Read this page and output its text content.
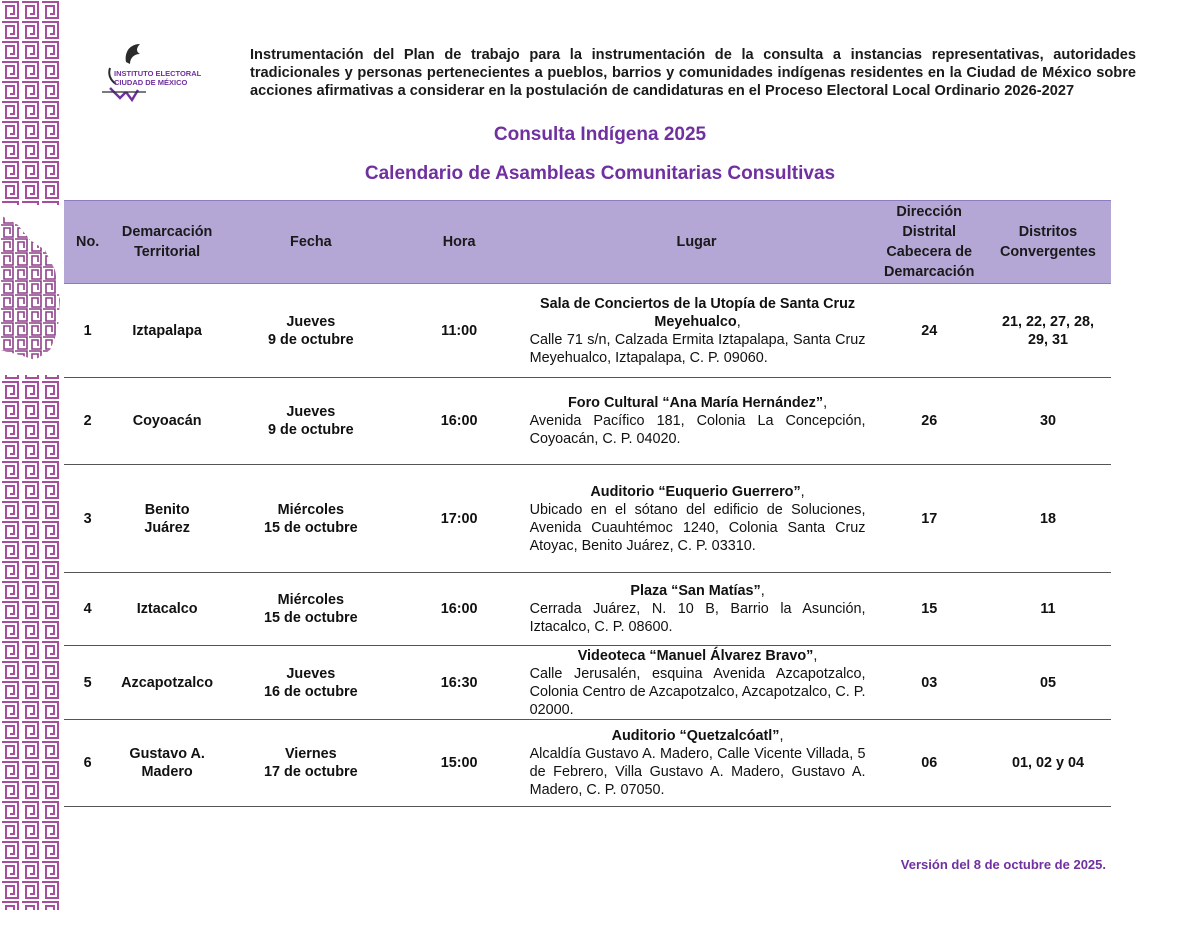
INSTITUTO ELECTORAL
CIUDAD DE MÉXICO
Instrumentación del Plan de trabajo para la instrumentación de la consulta a instancias representativas, autoridades tradicionales y personas pertenecientes a pueblos, barrios y comunidades indígenas residentes en la Ciudad de México sobre acciones afirmativas a considerar en la postulación de candidaturas en el Proceso Electoral Local Ordinario 2026-2027
Consulta Indígena 2025
Calendario de Asambleas Comunitarias Consultivas
No.	Demarcación Territorial	Fecha	Hora	Lugar	Dirección Distrital Cabecera de Demarcación	Distritos Convergentes
1	Iztapalapa	Jueves
9 de octubre	11:00	Sala de Conciertos de la Utopía de Santa Cruz Meyehualco,
Calle 71 s/n, Calzada Ermita Iztapalapa, Santa Cruz Meyehualco, Iztapalapa, C. P. 09060.	24	21, 22, 27, 28, 29, 31
2	Coyoacán	Jueves
9 de octubre	16:00	Foro Cultural “Ana María Hernández”,
Avenida Pacífico 181, Colonia La Concepción, Coyoacán, C. P. 04020.	26	30
3	Benito Juárez	Miércoles
15 de octubre	17:00	Auditorio “Euquerio Guerrero”,
Ubicado en el sótano del edificio de Soluciones, Avenida Cuauhtémoc 1240, Colonia Santa Cruz Atoyac, Benito Juárez, C. P. 03310.	17	18
4	Iztacalco	Miércoles
15 de octubre	16:00	Plaza “San Matías”,
Cerrada Juárez, N. 10 B, Barrio la Asunción, Iztacalco, C. P. 08600.	15	11
5	Azcapotzalco	Jueves
16 de octubre	16:30	Videoteca “Manuel Álvarez Bravo”,
Calle Jerusalén, esquina Avenida Azcapotzalco, Colonia Centro de Azcapotzalco, Azcapotzalco, C. P. 02000.	03	05
6	Gustavo A. Madero	Viernes
17 de octubre	15:00	Auditorio “Quetzalcóatl”,
Alcaldía Gustavo A. Madero, Calle Vicente Villada, 5 de Febrero, Villa Gustavo A. Madero, Gustavo A. Madero, C. P. 07050.	06	01, 02 y 04
Versión del 8 de octubre de 2025.
